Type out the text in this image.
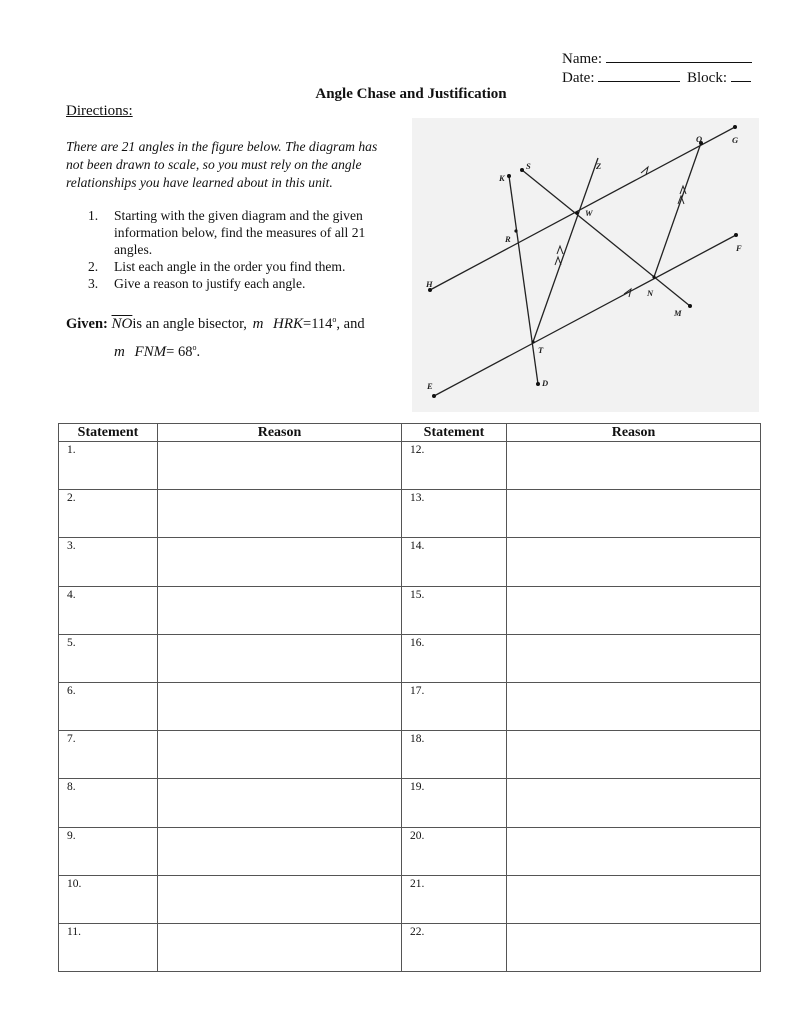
Name:
Date:	Block:
Angle Chase and Justification
Directions:
There are 21 angles in the figure below. The diagram has not been drawn to scale, so you must rely on the angle relationships you have learned about in this unit.
1. Starting with the given diagram and the given information below, find the measures of all 21 angles.
2. List each angle in the order you find them.
3. Give a reason to justify each angle.
Given: $\overline{NO}is$ an angle bisector, m $HRK=114^o$, and
m $FNM= 68^o$.
G
O
Z
S
K
W
R
F
H
N
M
T
E	D
Statement	Reason	Statement	Reason
1.		12.	
2.		13.	
3.		14.	
4.		15.	
5.		16.	
6.		17.	
7.		18.	
8.		19.	
9.		20.	
10.		21.	
11.		22.	
